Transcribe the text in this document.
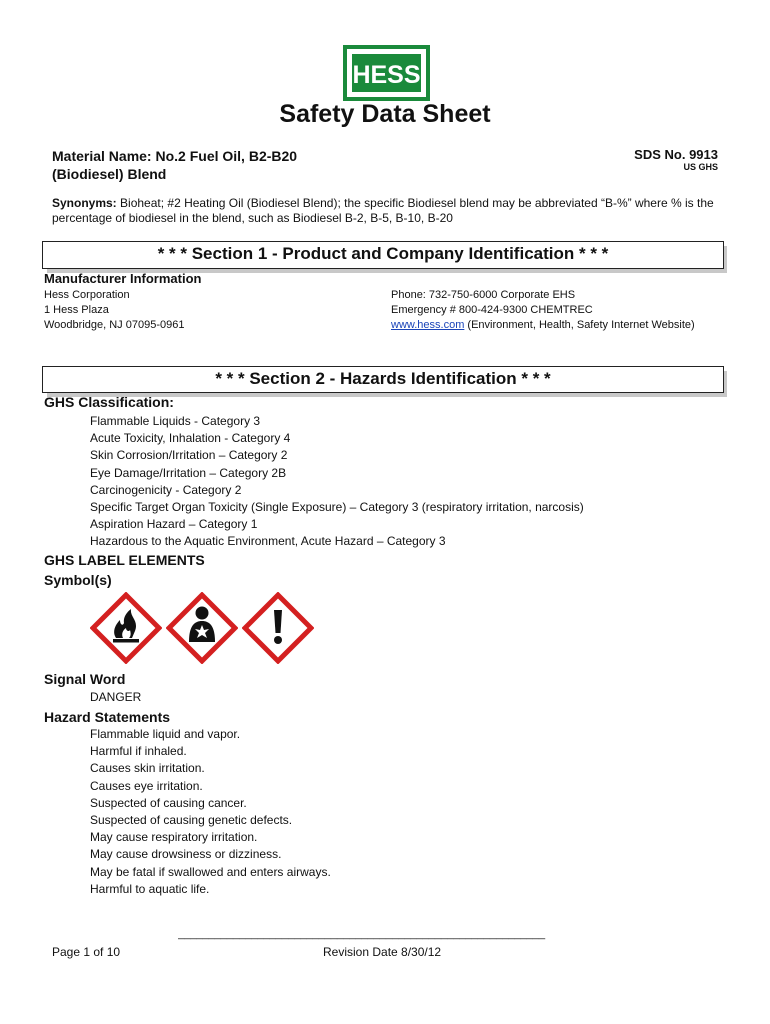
HESS
Safety Data Sheet
Material Name: No.2 Fuel Oil, B2-B20
(Biodiesel) Blend
SDS No. 9913
US GHS
Synonyms: Bioheat; #2 Heating Oil (Biodiesel Blend); the specific Biodiesel blend may be abbreviated “B-%” where % is the percentage of biodiesel in the blend, such as Biodiesel B-2, B-5, B-10, B-20
* * * Section 1 - Product and Company Identification * * *
Manufacturer Information
Hess Corporation
1 Hess Plaza
Woodbridge, NJ 07095-0961
Phone: 732-750-6000 Corporate EHS
Emergency # 800-424-9300 CHEMTREC
www.hess.com (Environment, Health, Safety Internet Website)
* * * Section 2 - Hazards Identification * * *
GHS Classification:
Flammable Liquids - Category 3
Acute Toxicity, Inhalation - Category 4
Skin Corrosion/Irritation – Category 2
Eye Damage/Irritation – Category 2B
Carcinogenicity - Category 2
Specific Target Organ Toxicity (Single Exposure) – Category 3 (respiratory irritation, narcosis)
Aspiration Hazard – Category 1
Hazardous to the Aquatic Environment, Acute Hazard – Category 3
GHS LABEL ELEMENTS
Symbol(s)
Signal Word
DANGER
Hazard Statements
Flammable liquid and vapor.
Harmful if inhaled.
Causes skin irritation.
Causes eye irritation.
Suspected of causing cancer.
Suspected of causing genetic defects.
May cause respiratory irritation.
May cause drowsiness or dizziness.
May be fatal if swallowed and enters airways.
Harmful to aquatic life.
____________________________________________________________
Page 1 of 10	Revision Date 8/30/12
